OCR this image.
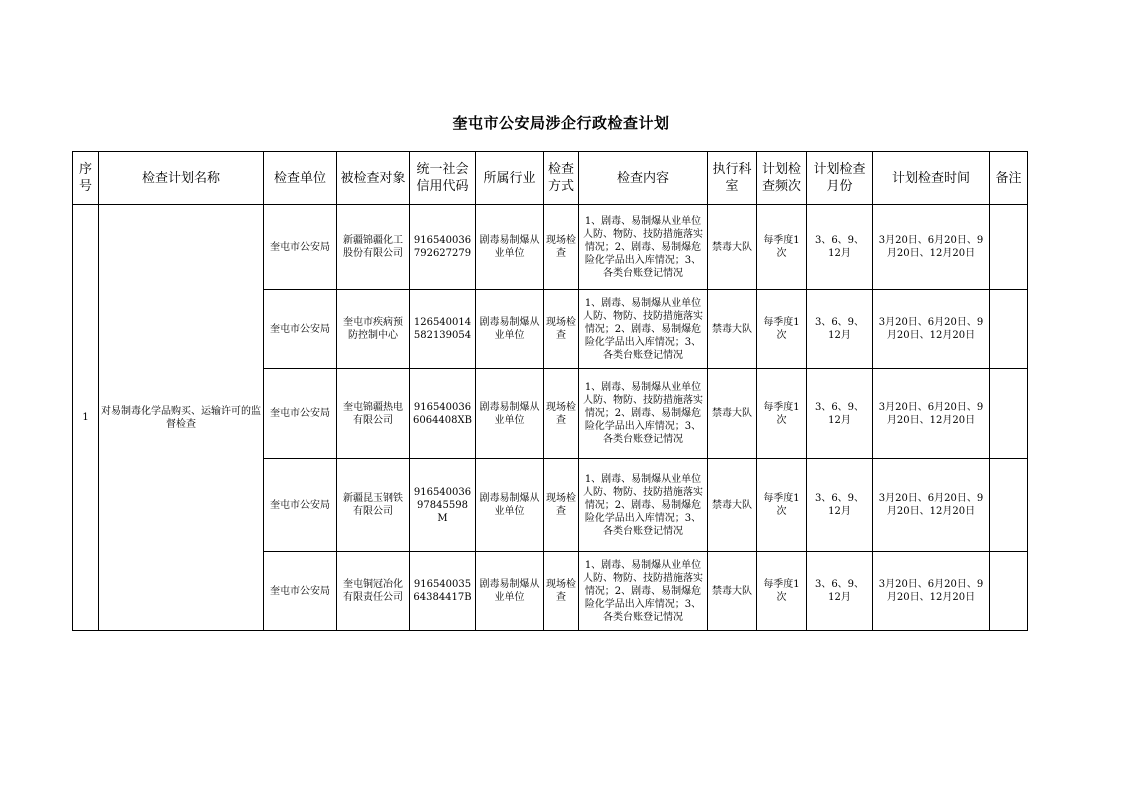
奎屯市公安局涉企行政检查计划
序号	检查计划名称	检查单位	被检查对象	统一社会信用代码	所属行业	检查方式	检查内容	执行科室	计划检查频次	计划检查月份	计划检查时间	备注
1	对易制毒化学品购买、运输许可的监督检查	奎屯市公安局	新疆锦疆化工股份有限公司	916540036792627279	剧毒易制爆从业单位	现场检查	1、剧毒、易制爆从业单位人防、物防、技防措施落实情况；2、剧毒、易制爆危险化学品出入库情况；3、各类台账登记情况	禁毒大队	每季度1次	3、6、9、12月	3月20日、6月20日、9月20日、12月20日	
		奎屯市公安局	奎屯市疾病预防控制中心	126540014582139054	剧毒易制爆从业单位	现场检查	1、剧毒、易制爆从业单位人防、物防、技防措施落实情况；2、剧毒、易制爆危险化学品出入库情况；3、各类台账登记情况	禁毒大队	每季度1次	3、6、9、12月	3月20日、6月20日、9月20日、12月20日	
		奎屯市公安局	奎屯锦疆热电有限公司	9165400366064408XB	剧毒易制爆从业单位	现场检查	1、剧毒、易制爆从业单位人防、物防、技防措施落实情况；2、剧毒、易制爆危险化学品出入库情况；3、各类台账登记情况	禁毒大队	每季度1次	3、6、9、12月	3月20日、6月20日、9月20日、12月20日	
		奎屯市公安局	新疆昆玉钢铁有限公司	91654003697845598M	剧毒易制爆从业单位	现场检查	1、剧毒、易制爆从业单位人防、物防、技防措施落实情况；2、剧毒、易制爆危险化学品出入库情况；3、各类台账登记情况	禁毒大队	每季度1次	3、6、9、12月	3月20日、6月20日、9月20日、12月20日	
		奎屯市公安局	奎屯铜冠冶化有限责任公司	91654003564384417B	剧毒易制爆从业单位	现场检查	1、剧毒、易制爆从业单位人防、物防、技防措施落实情况；2、剧毒、易制爆危险化学品出入库情况；3、各类台账登记情况	禁毒大队	每季度1次	3、6、9、12月	3月20日、6月20日、9月20日、12月20日	
